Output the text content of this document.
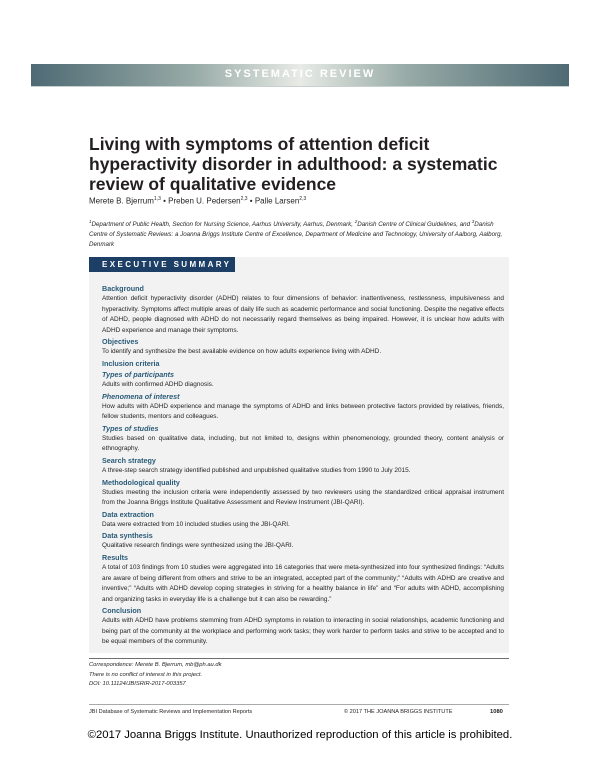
SYSTEMATIC REVIEW
Living with symptoms of attention deficit hyperactivity disorder in adulthood: a systematic review of qualitative evidence
Merete B. Bjerrum$^{1,3}$ • Preben U. Pedersen$^{2,3}$ • Palle Larsen$^{2,3}$
$^1$Department of Public Health, Section for Nursing Science, Aarhus University, Aarhus, Denmark, $^2$Danish Centre of Clinical Guidelines, and $^3$Danish Centre of Systematic Reviews: a Joanna Briggs Institute Centre of Excellence, Department of Medicine and Technology, University of Aalborg, Aalborg, Denmark
EXECUTIVE SUMMARY
Background
Attention deficit hyperactivity disorder (ADHD) relates to four dimensions of behavior: inattentiveness, restlessness, impulsiveness and hyperactivity. Symptoms affect multiple areas of daily life such as academic performance and social functioning. Despite the negative effects of ADHD, people diagnosed with ADHD do not necessarily regard themselves as being impaired. However, it is unclear how adults with ADHD experience and manage their symptoms.
Objectives
To identify and synthesize the best available evidence on how adults experience living with ADHD.
Inclusion criteria
Types of participants
Adults with confirmed ADHD diagnosis.
Phenomena of interest
How adults with ADHD experience and manage the symptoms of ADHD and links between protective factors provided by relatives, friends, fellow students, mentors and colleagues.
Types of studies
Studies based on qualitative data, including, but not limited to, designs within phenomenology, grounded theory, content analysis or ethnography.
Search strategy
A three-step search strategy identified published and unpublished qualitative studies from 1990 to July 2015.
Methodological quality
Studies meeting the inclusion criteria were independently assessed by two reviewers using the standardized critical appraisal instrument from the Joanna Briggs Institute Qualitative Assessment and Review Instrument (JBI-QARI).
Data extraction
Data were extracted from 10 included studies using the JBI-QARI.
Data synthesis
Qualitative research findings were synthesized using the JBI-QARI.
Results
A total of 103 findings from 10 studies were aggregated into 16 categories that were meta-synthesized into four synthesized findings: “Adults are aware of being different from others and strive to be an integrated, accepted part of the community;” “Adults with ADHD are creative and inventive;” “Adults with ADHD develop coping strategies in striving for a healthy balance in life” and “For adults with ADHD, accomplishing and organizing tasks in everyday life is a challenge but it can also be rewarding.”
Conclusion
Adults with ADHD have problems stemming from ADHD symptoms in relation to interacting in social relationships, academic functioning and being part of the community at the workplace and performing work tasks; they work harder to perform tasks and strive to be accepted and to be equal members of the community.
Correspondence: Merete B. Bjerrum, mb@ph.au.dk
There is no conflict of interest in this project.
DOI: 10.11124/JBISRIR-2017-003357
JBI Database of Systematic Reviews and Implementation Reports	© 2017 THE JOANNA BRIGGS INSTITUTE	1080
©2017 Joanna Briggs Institute. Unauthorized reproduction of this article is prohibited.
